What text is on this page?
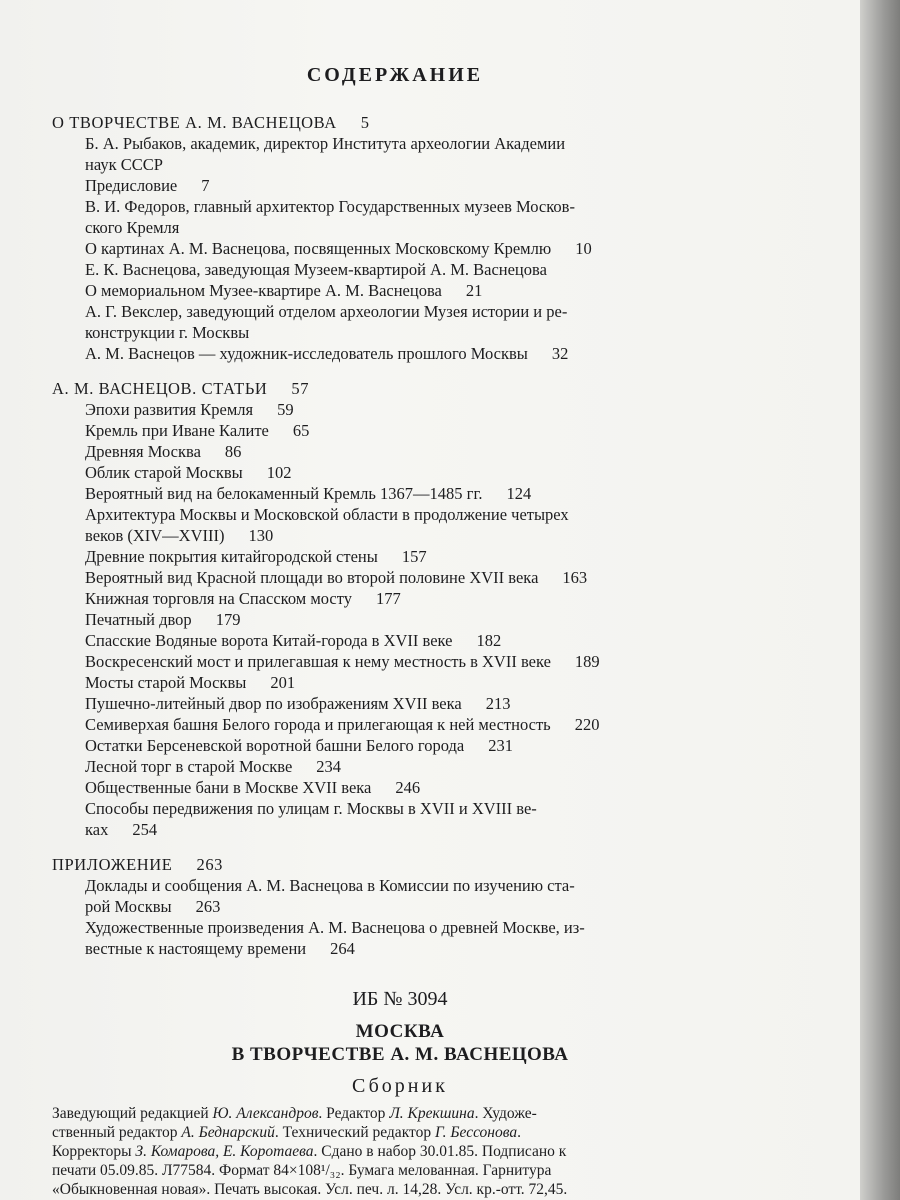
СОДЕРЖАНИЕ
О ТВОРЧЕСТВЕ А. М. ВАСНЕЦОВА 5
Б. А. Рыбаков, академик, директор Института археологии Академии
наук СССР
Предисловие 7
В. И. Федоров, главный архитектор Государственных музеев Москов-
ского Кремля
О картинах А. М. Васнецова, посвященных Московскому Кремлю 10
Е. К. Васнецова, заведующая Музеем-квартирой А. М. Васнецова
О мемориальном Музее-квартире А. М. Васнецова 21
А. Г. Векслер, заведующий отделом археологии Музея истории и ре-
конструкции г. Москвы
А. М. Васнецов — художник-исследователь прошлого Москвы 32
А. М. ВАСНЕЦОВ. СТАТЬИ 57
Эпохи развития Кремля 59
Кремль при Иване Калите 65
Древняя Москва 86
Облик старой Москвы 102
Вероятный вид на белокаменный Кремль 1367—1485 гг. 124
Архитектура Москвы и Московской области в продолжение четырех
веков (XIV—XVIII) 130
Древние покрытия китайгородской стены 157
Вероятный вид Красной площади во второй половине XVII века 163
Книжная торговля на Спасском мосту 177
Печатный двор 179
Спасские Водяные ворота Китай-города в XVII веке 182
Воскресенский мост и прилегавшая к нему местность в XVII веке 189
Мосты старой Москвы 201
Пушечно-литейный двор по изображениям XVII века 213
Семиверхая башня Белого города и прилегающая к ней местность 220
Остатки Берсеневской воротной башни Белого города 231
Лесной торг в старой Москве 234
Общественные бани в Москве XVII века 246
Способы передвижения по улицам г. Москвы в XVII и XVIII ве-
ках 254
ПРИЛОЖЕНИЕ 263
Доклады и сообщения А. М. Васнецова в Комиссии по изучению ста-
рой Москвы 263
Художественные произведения А. М. Васнецова о древней Москве, из-
вестные к настоящему времени 264
ИБ № 3094
МОСКВА
В ТВОРЧЕСТВЕ А. М. ВАСНЕЦОВА
Сборник
Заведующий редакцией Ю. Александров. Редактор Л. Крекшина. Художе-
ственный редактор А. Беднарский. Технический редактор Г. Бессонова.
Корректоры З. Комарова, Е. Коротаева. Сдано в набор 30.01.85. Подписано к
печати 05.09.85. Л77584. Формат 84×108¹/₃₂. Бумага мелованная. Гарнитура
«Обыкновенная новая». Печать высокая. Усл. печ. л. 14,28. Усл. кр.-отт. 72,45.
